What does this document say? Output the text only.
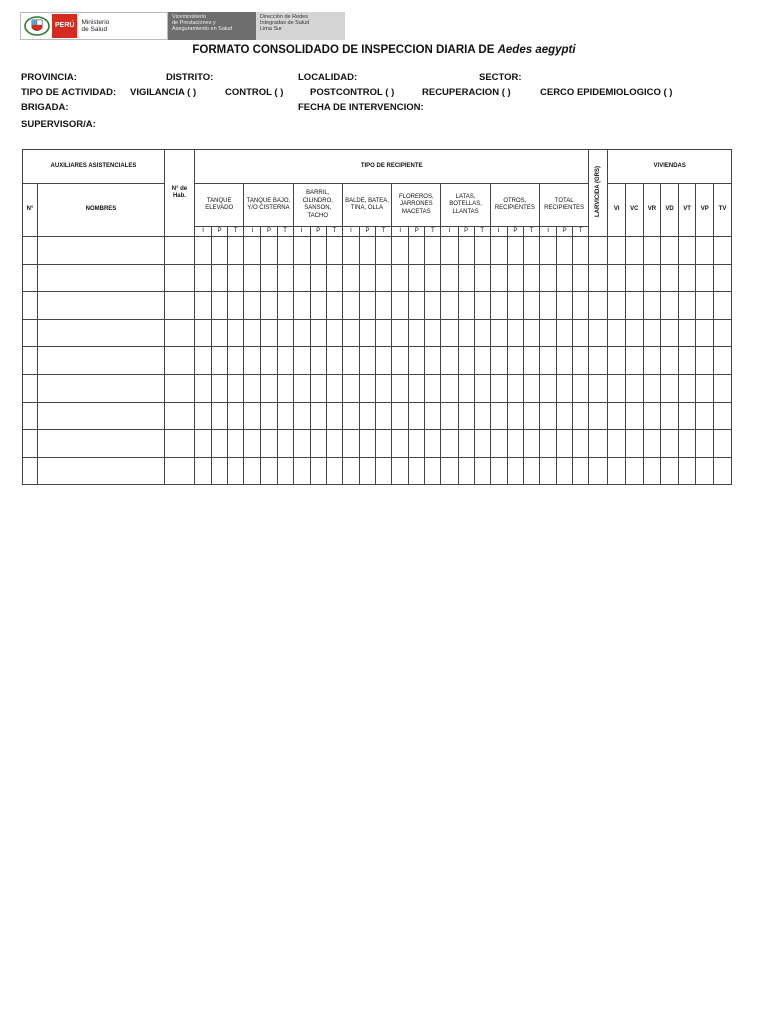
PERÚ	Ministerio
de Salud
Viceministerio
de Prestaciones y
Aseguramiento en Salud
Dirección de Redes
Integradas de Salud
Lima Sur
FORMATO CONSOLIDADO DE INSPECCION DIARIA DE Aedes aegypti
PROVINCIA:	DISTRITO:	LOCALIDAD:	SECTOR:
TIPO DE ACTIVIDAD: VIGILANCIA ( )	CONTROL ( )	POSTCONTROL ( )	RECUPERACION ( )	CERCO EPIDEMIOLOGICO ( )
BRIGADA:	FECHA DE INTERVENCION:
SUPERVISOR/A:
AUXILIARES ASISTENCIALES		N° de Hab.	TIPO DE RECIPIENTE																								LARVICIDA (GRS)	VIVIENDAS						
N°	NOMBRES		TANQUE ELEVADO			TANQUE BAJO, Y/O CISTERNA			BARRIL, CILINDRO, SANSON, TACHO			BALDE, BATEA, TINA, OLLA			FLOREROS, JARRONES MACETAS			LATAS, BOTELLAS, LLANTAS			OTROS, RECIPIENTES			TOTAL RECIPIENTES				VI	VC	VR	VD	VT	VP	TV
			I	P	T	I	P	T	I	P	T	I	P	T	I	P	T	I	P	T	I	P	T	I	P	T								
